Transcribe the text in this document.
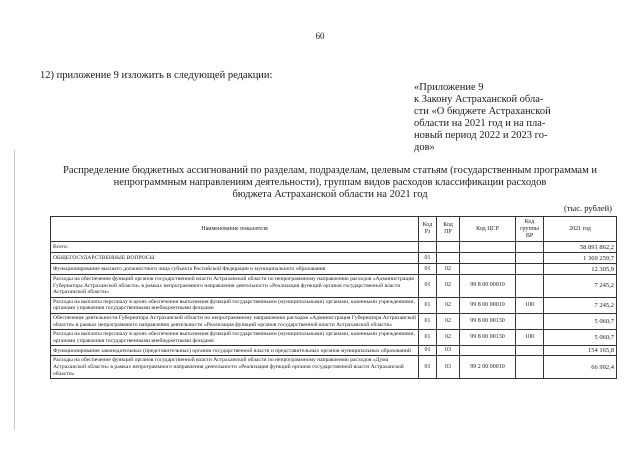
60
12) приложение 9 изложить в следующей редакции:
«Приложение 9
к Закону Астраханской обла-
сти «О бюджете Астраханской
области на 2021 год и на пла-
новый период 2022 и 2023 го-
дов»
Распределение бюджетных ассигнований по разделам, подразделам, целевым статьям (государственным программам и
непрограммным направлениям деятельности), группам видов расходов классификации расходов
бюджета Астраханской области на 2021 год
(тыс. рублей)
Наименование показателя	Код Рз	Код ПР	Код ЦСР	Код группы ВР	2021 год
Всего:					58 891 862,2
ОБЩЕГОСУДАРСТВЕННЫЕ ВОПРОСЫ	01				1 369 259,7
Функционирование высшего должностного лица субъекта Российской Федерации и муниципального образования	01	02			12 305,9
Расходы на обеспечение функций органов государственной власти Астраханской области по непрограммному направлению расходов «Администрация Губернатора Астраханской области» в рамках непрограммного направления деятельности «Реализация функций органов государственной власти Астраханской области»	01	02	99 8 00 00010		7 245,2
Расходы на выплаты персоналу в целях обеспечения выполнения функций государственными (муниципальными) органами, казенными учреждениями, органами управления государственными внебюджетными фондами	01	02	99 8 00 00010	100	7 245,2
Обеспечение деятельности Губернатора Астраханской области по непрограммному направлению расходов «Администрация Губернатора Астраханской области» в рамках непрограммного направления деятельности «Реализация функций органов государственной власти Астраханской области»	01	02	99 8 00 00130		5 060,7
Расходы на выплаты персоналу в целях обеспечения выполнения функций государственными (муниципальными) органами, казенными учреждениями, органами управления государственными внебюджетными фондами	01	02	99 8 00 00130	100	5 060,7
Функционирование законодательных (представительных) органов государственной власти и представительных органов муниципальных образований	01	03			154 165,8
Расходы на обеспечение функций органов государственной власти Астраханской области по непрограммному направлению расходов «Дума Астраханской области» в рамках непрограммного направления деятельности «Реализация функций органов государственной власти Астраханской области»	01	03	99 2 00 00010		66 992,4
